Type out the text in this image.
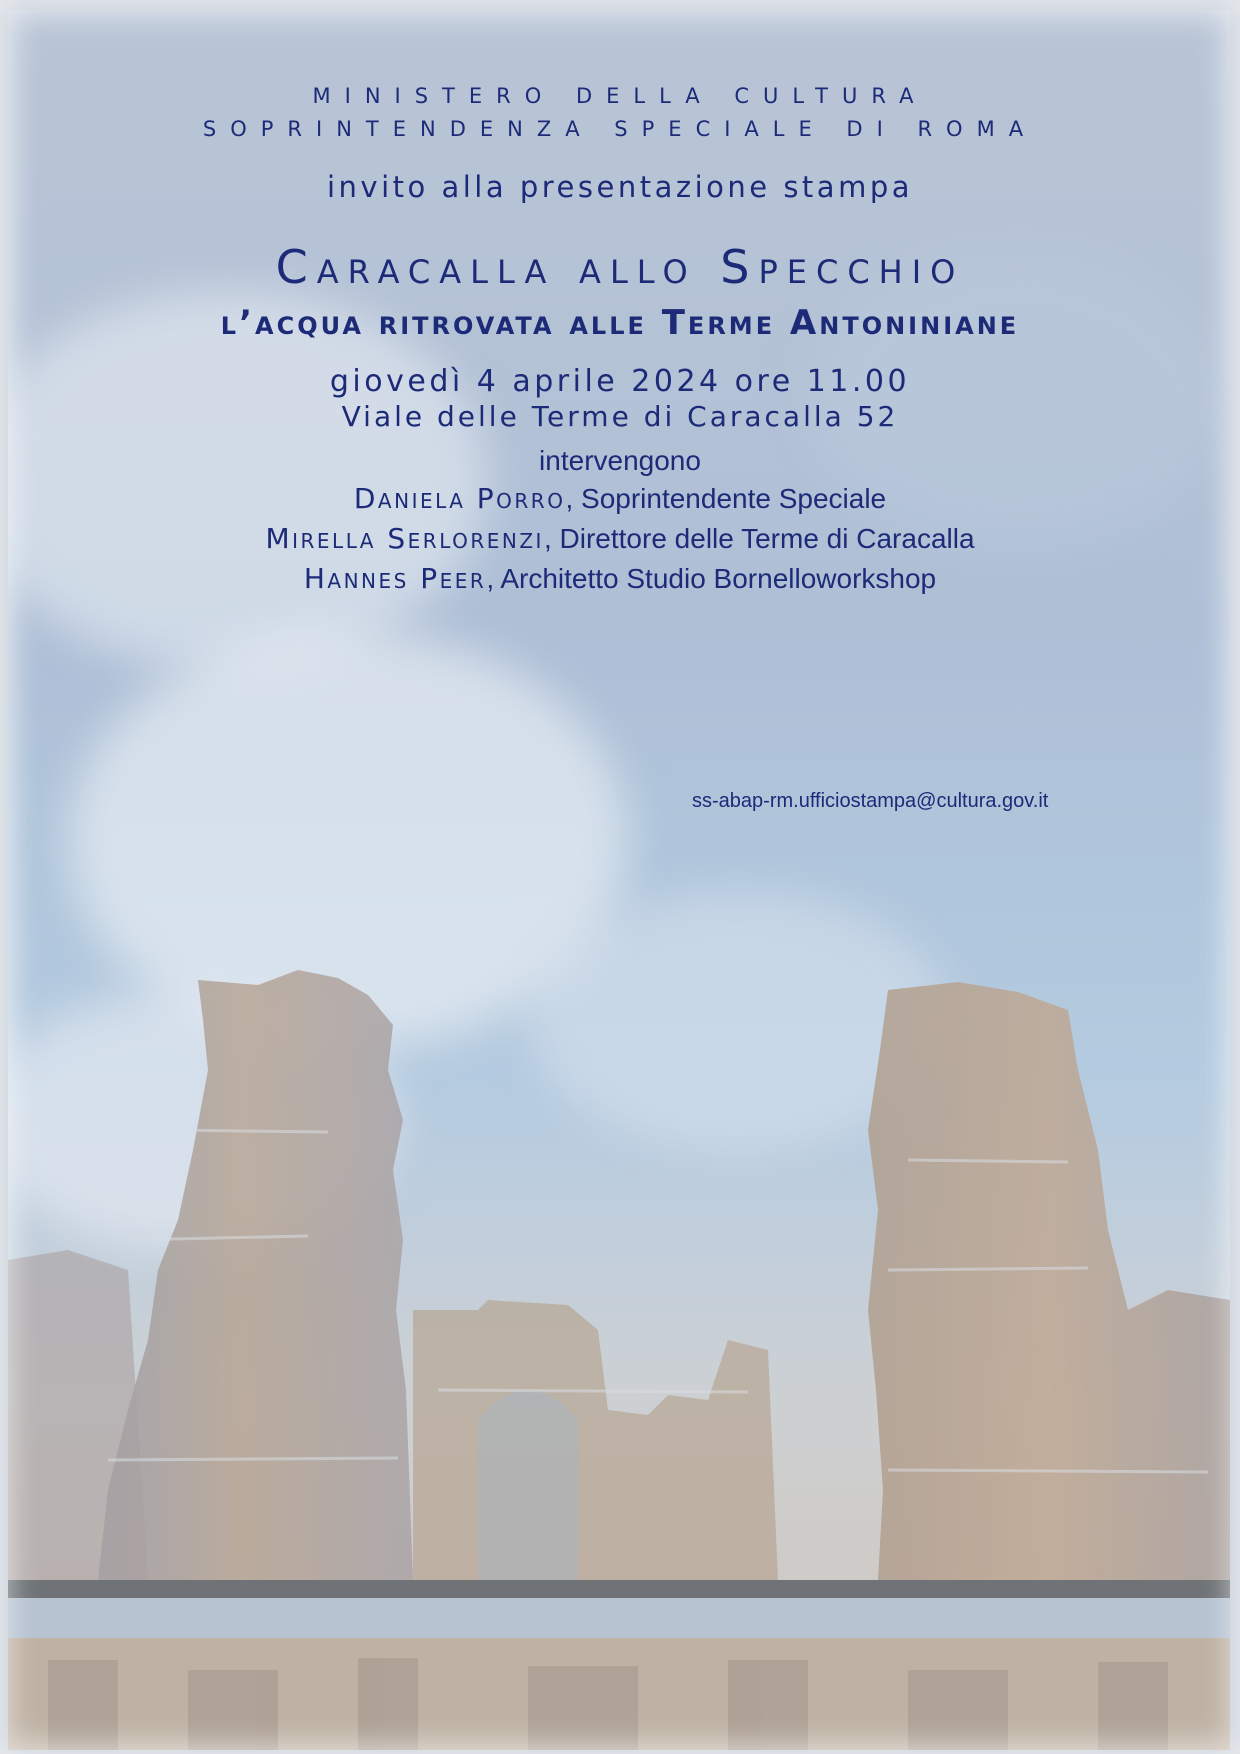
MINISTERO DELLA CULTURA
SOPRINTENDENZA SPECIALE DI ROMA
invito alla presentazione stampa
Caracalla allo Specchio
l’acqua ritrovata alle Terme Antoniniane
giovedì 4 aprile 2024 ore 11.00
Viale delle Terme di Caracalla 52
intervengono
Daniela Porro, Soprintendente Speciale
Mirella Serlorenzi, Direttore delle Terme di Caracalla
Hannes Peer, Architetto Studio Bornelloworkshop
ss-abap-rm.ufficiostampa@cultura.gov.it
